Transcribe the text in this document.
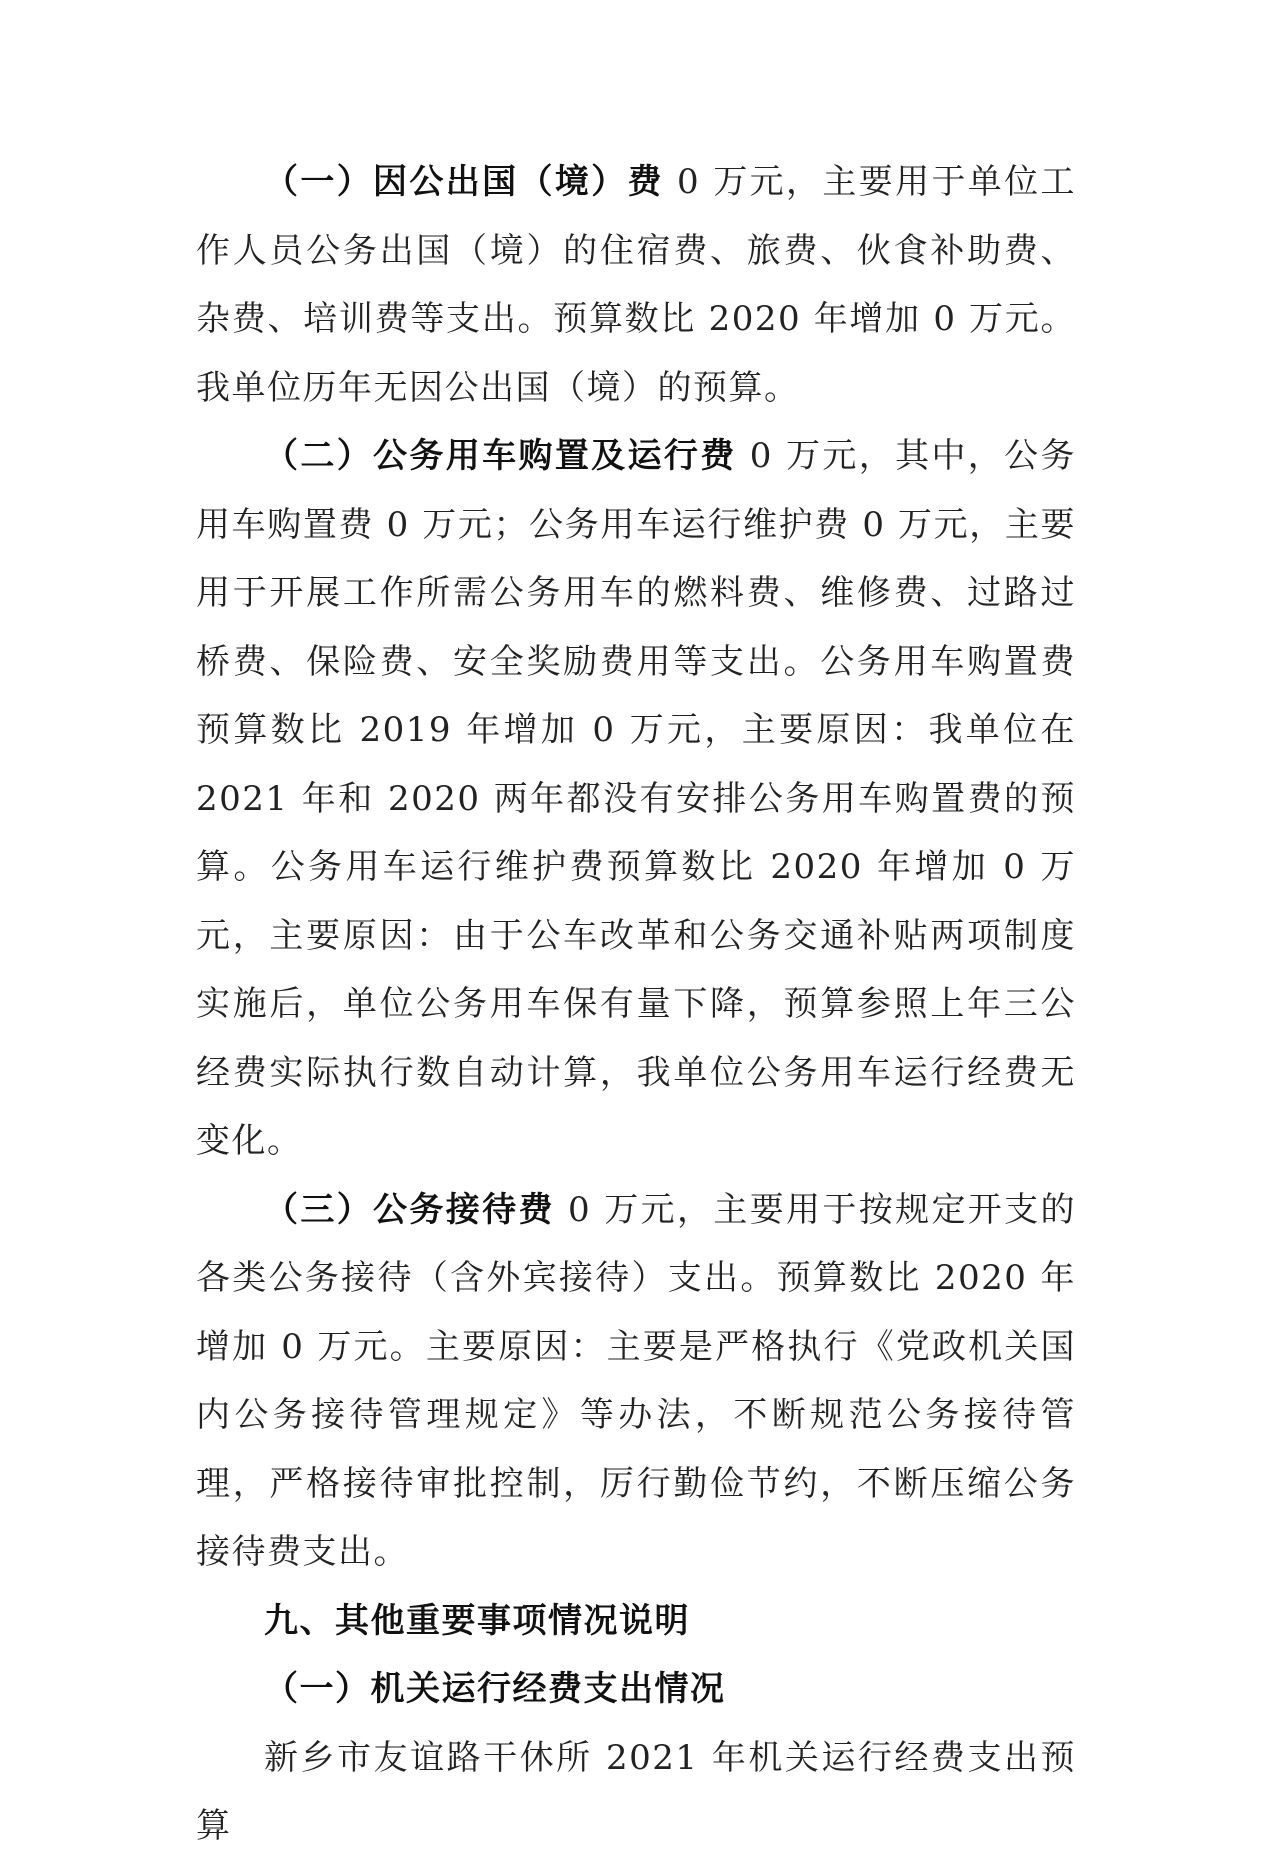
（一）因公出国（境）费 0 万元，主要用于单位工作人员公务出国（境）的住宿费、旅费、伙食补助费、杂费、培训费等支出。预算数比 2020 年增加 0 万元。我单位历年无因公出国（境）的预算。

（二）公务用车购置及运行费 0 万元，其中，公务用车购置费 0 万元；公务用车运行维护费 0 万元，主要用于开展工作所需公务用车的燃料费、维修费、过路过桥费、保险费、安全奖励费用等支出。公务用车购置费预算数比 2019 年增加 0 万元，主要原因：我单位在 2021 年和 2020 两年都没有安排公务用车购置费的预算。公务用车运行维护费预算数比 2020 年增加 0 万元，主要原因：由于公车改革和公务交通补贴两项制度实施后，单位公务用车保有量下降，预算参照上年三公经费实际执行数自动计算，我单位公务用车运行经费无变化。

（三）公务接待费 0 万元，主要用于按规定开支的各类公务接待（含外宾接待）支出。预算数比 2020 年增加 0 万元。主要原因：主要是严格执行《党政机关国内公务接待管理规定》等办法，不断规范公务接待管理，严格接待审批控制，厉行勤俭节约，不断压缩公务接待费支出。

九、其他重要事项情况说明

（一）机关运行经费支出情况

新乡市友谊路干休所 2021 年机关运行经费支出预算
